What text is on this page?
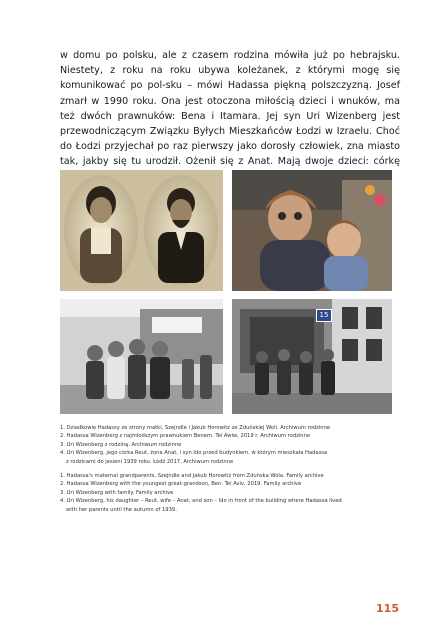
w domu po polsku, ale z czasem rodzina mówiła już po hebrajsku. Niestety, z roku na roku ubywa koleżanek, z którymi mogę się komunikować po pol-sku – mówi Hadassa piękną polszczyzną. Josef zmarł w 1990 roku. Ona jest otoczona miłością dzieci i wnuków, ma też dwóch prawnuków: Bena i Itamara. Jej syn Uri Wizenberg jest przewodniczącym Związku Byłych Mieszkańców Łodzi w Izraelu. Choć do Łodzi przyjechał po raz pierwszy jako dorosły człowiek, zna miasto tak, jakby się tu urodził. Ożenił się z Anat. Mają dwoje dzieci: córkę

15

1. Dziadkowie Hadassy ze strony matki, Szejndle i Jakub Horowitz ze Zduńskiej Woli. Archiwum rodzinne

2. Hadassa Wizenberg z najmłodszym prawnukiem Benem. Tel Awiw, 2019 r. Archiwum rodzinne

3. Uri Wizenberg z rodziną. Archiwum rodzinne

4. Uri Wizenberg, jego córka Reut, żona Anat, i syn Ido przed budynkiem, w którym mieszkała Hadassa

z rodzicami do jesieni 1939 roku. Łódź 2017. Archiwum rodzinne

1. Hadassa's maternal grandparents, Szejndle and Jakub Horowitz from Zduńska Wola. Family archive

2. Hadassa Wizenberg with the youngest great-grandson, Ben. Tel Aviv, 2019. Family archive

3. Uri Wizenberg with family. Family archive

4. Uri Wizenberg, his daughter – Reut, wife – Anat, and son – Ido in front of the building where Hadassa lived

with her parents until the autumn of 1939.

115
